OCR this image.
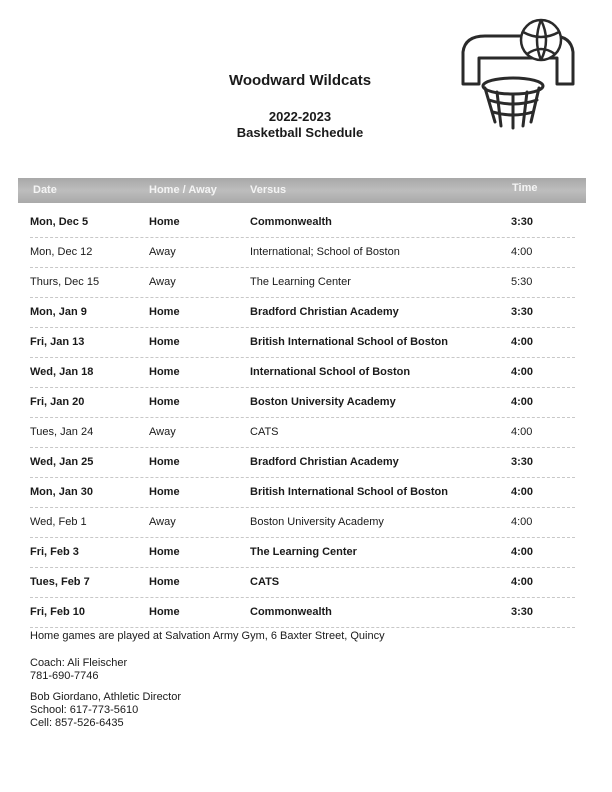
Woodward Wildcats

2022-2023

Basketball Schedule

Date	Home / Away	Versus	Time
Mon, Dec 5	Home	Commonwealth	3:30
Mon, Dec 12	Away	International; School of Boston	4:00
Thurs, Dec 15	Away	The Learning Center	5:30
Mon, Jan 9	Home	Bradford Christian Academy	3:30
Fri, Jan 13	Home	British International School of Boston	4:00
Wed, Jan 18	Home	International School of Boston	4:00
Fri, Jan 20	Home	Boston University Academy	4:00
Tues, Jan 24	Away	CATS	4:00
Wed, Jan 25	Home	Bradford Christian Academy	3:30
Mon, Jan 30	Home	British International School of Boston	4:00
Wed, Feb 1	Away	Boston University Academy	4:00
Fri, Feb 3	Home	The Learning Center	4:00
Tues, Feb 7	Home	CATS	4:00
Fri, Feb 10	Home	Commonwealth	3:30

Home games are played at Salvation Army Gym, 6 Baxter Street, Quincy

Coach: Ali Fleischer

781-690-7746

Bob Giordano, Athletic Director

School: 617-773-5610

Cell: 857-526-6435
